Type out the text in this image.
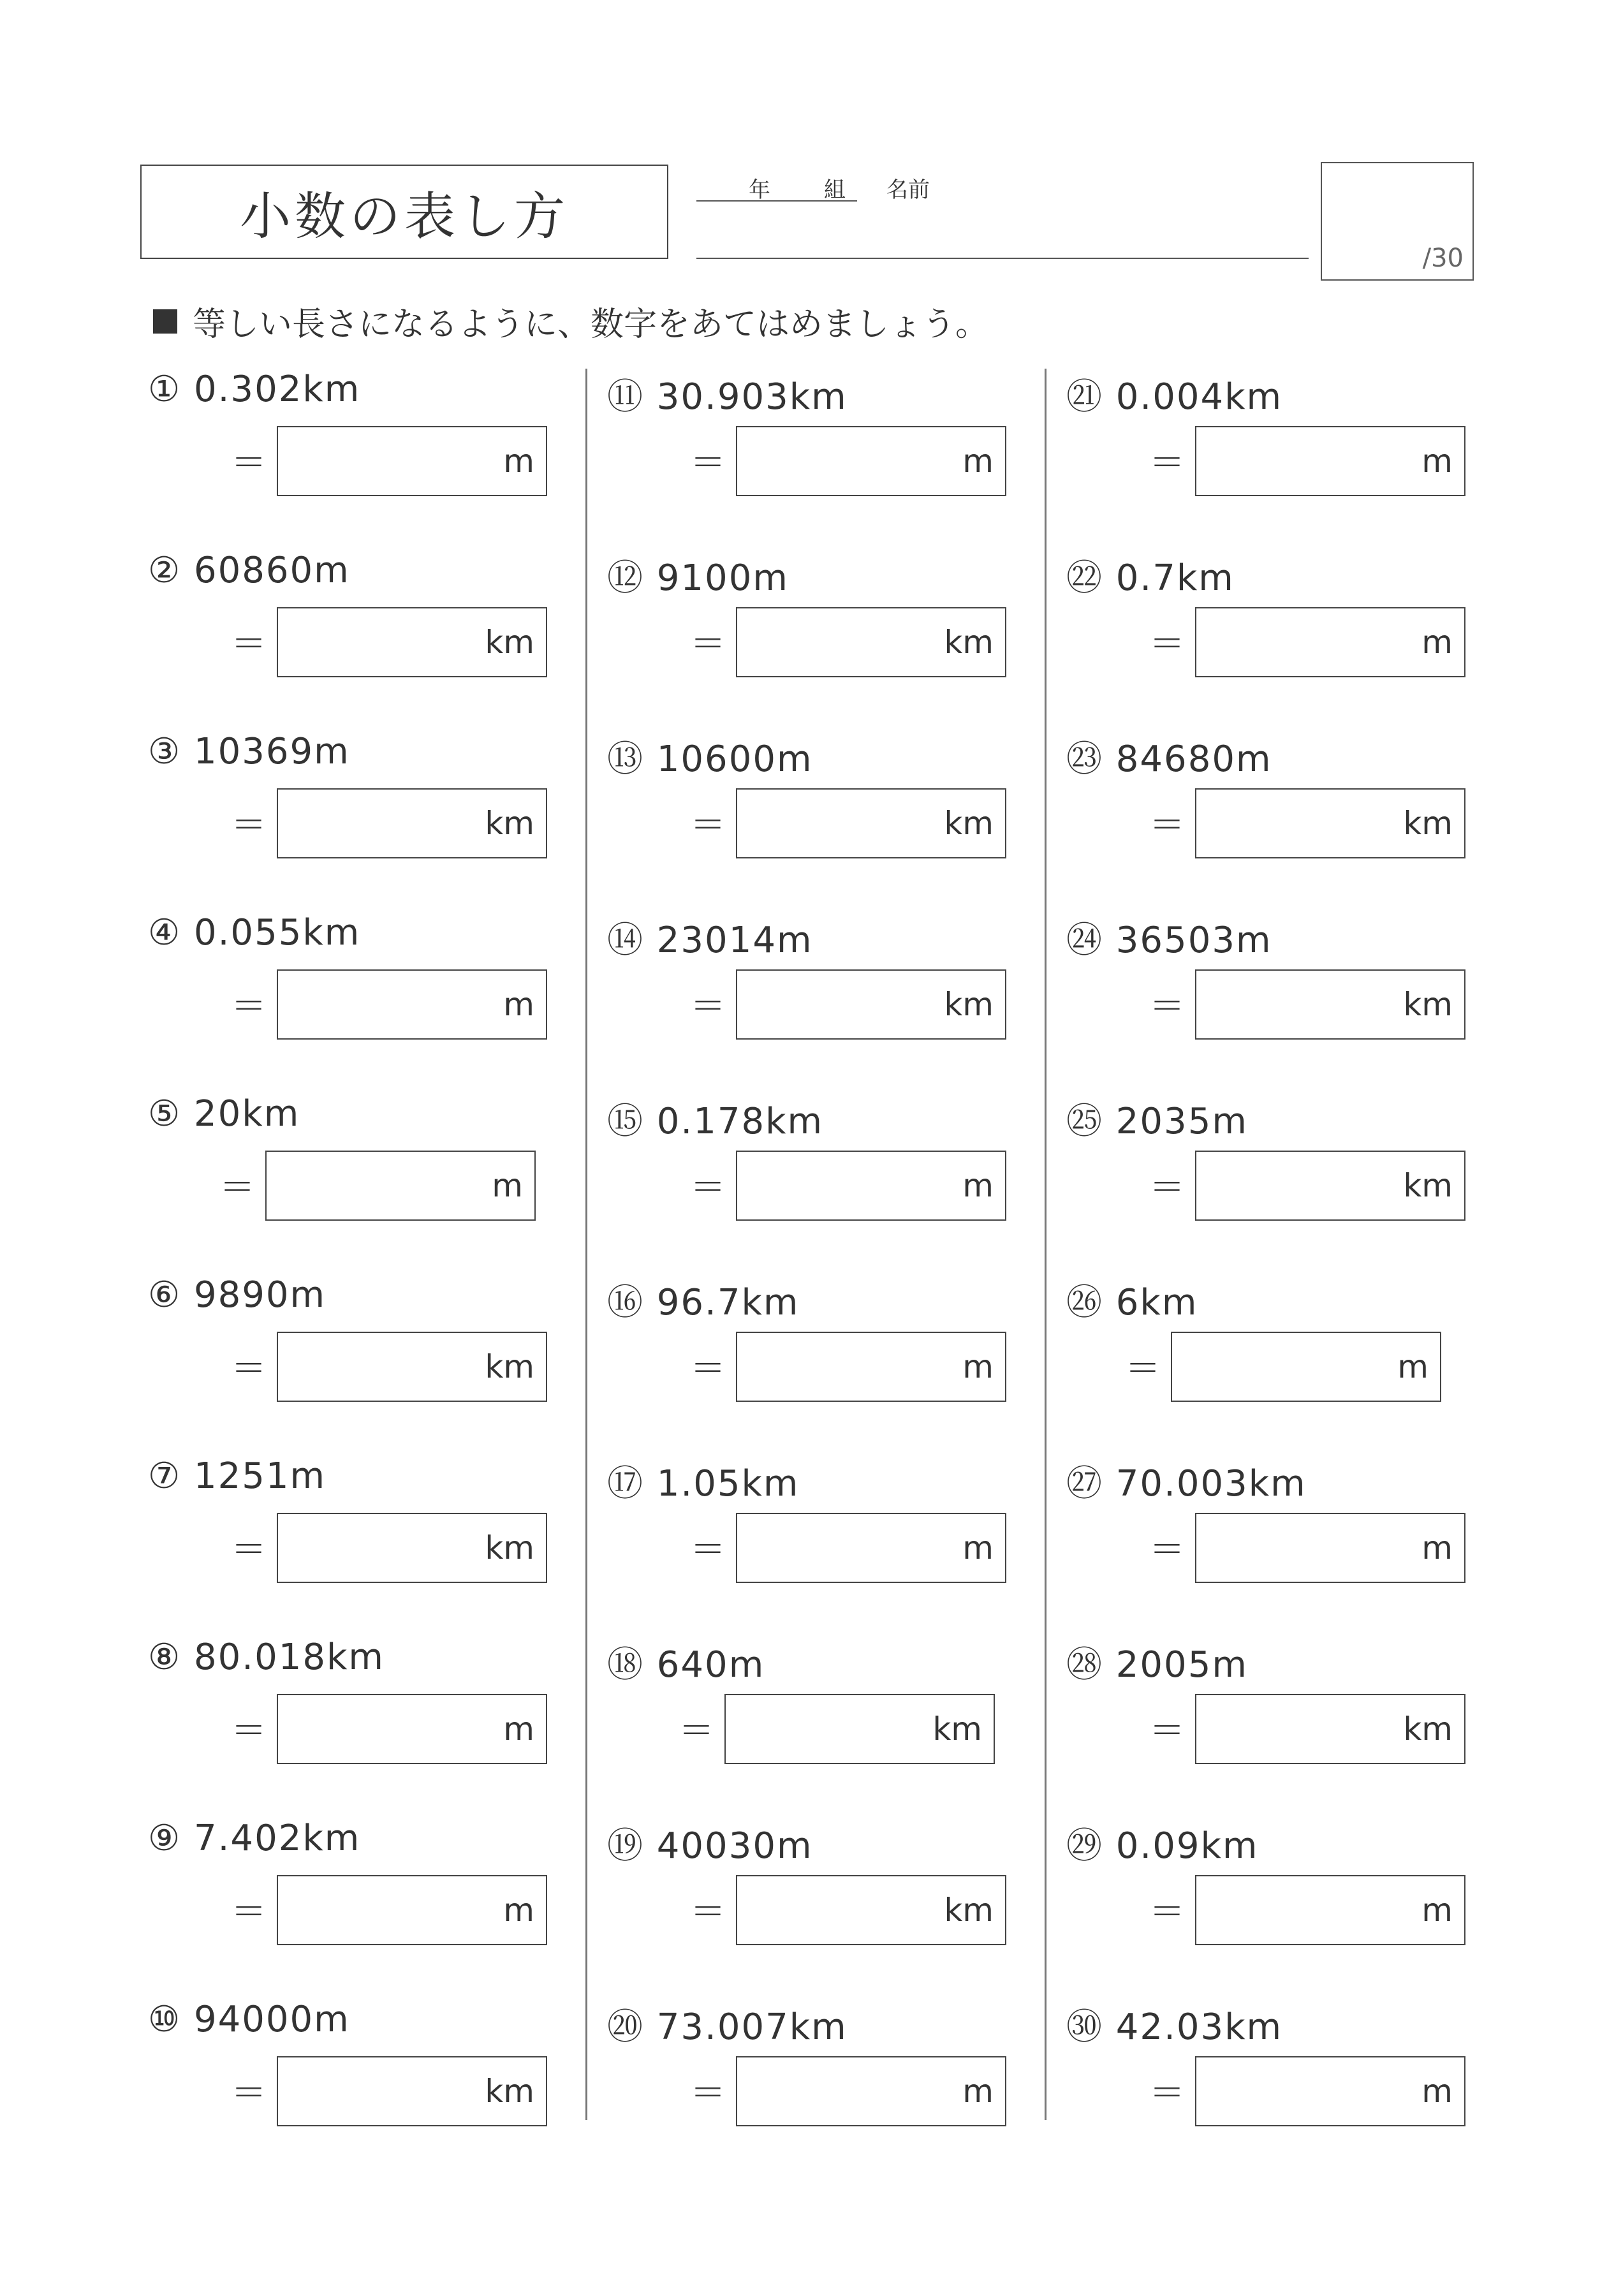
小数の表し方	年 組 名前
/30
等しい長さになるように、数字をあてはめましょう。
① 0.302km
＝	m
② 60860m
＝	km
③ 10369m
＝	km
④ 0.055km
＝	m
⑤ 20km
＝	m
⑥ 9890m
＝	km
⑦ 1251m
＝	km
⑧ 80.018km
＝	m
⑨ 7.402km
＝	m
⑩ 94000m
＝	km
⑪ 30.903km
＝	m
⑫ 9100m
＝	km
⑬ 10600m
＝	km
⑭ 23014m
＝	km
⑮ 0.178km
＝	m
⑯ 96.7km
＝	m
⑰ 1.05km
＝	m
⑱ 640m
＝	km
⑲ 40030m
＝	km
⑳ 73.007km
＝	m
㉑ 0.004km
＝	m
㉒ 0.7km
＝	m
㉓ 84680m
＝	km
㉔ 36503m
＝	km
㉕ 2035m
＝	km
㉖ 6km
＝	m
㉗ 70.003km
＝	m
㉘ 2005m
＝	km
㉙ 0.09km
＝	m
㉚ 42.03km
＝	m
